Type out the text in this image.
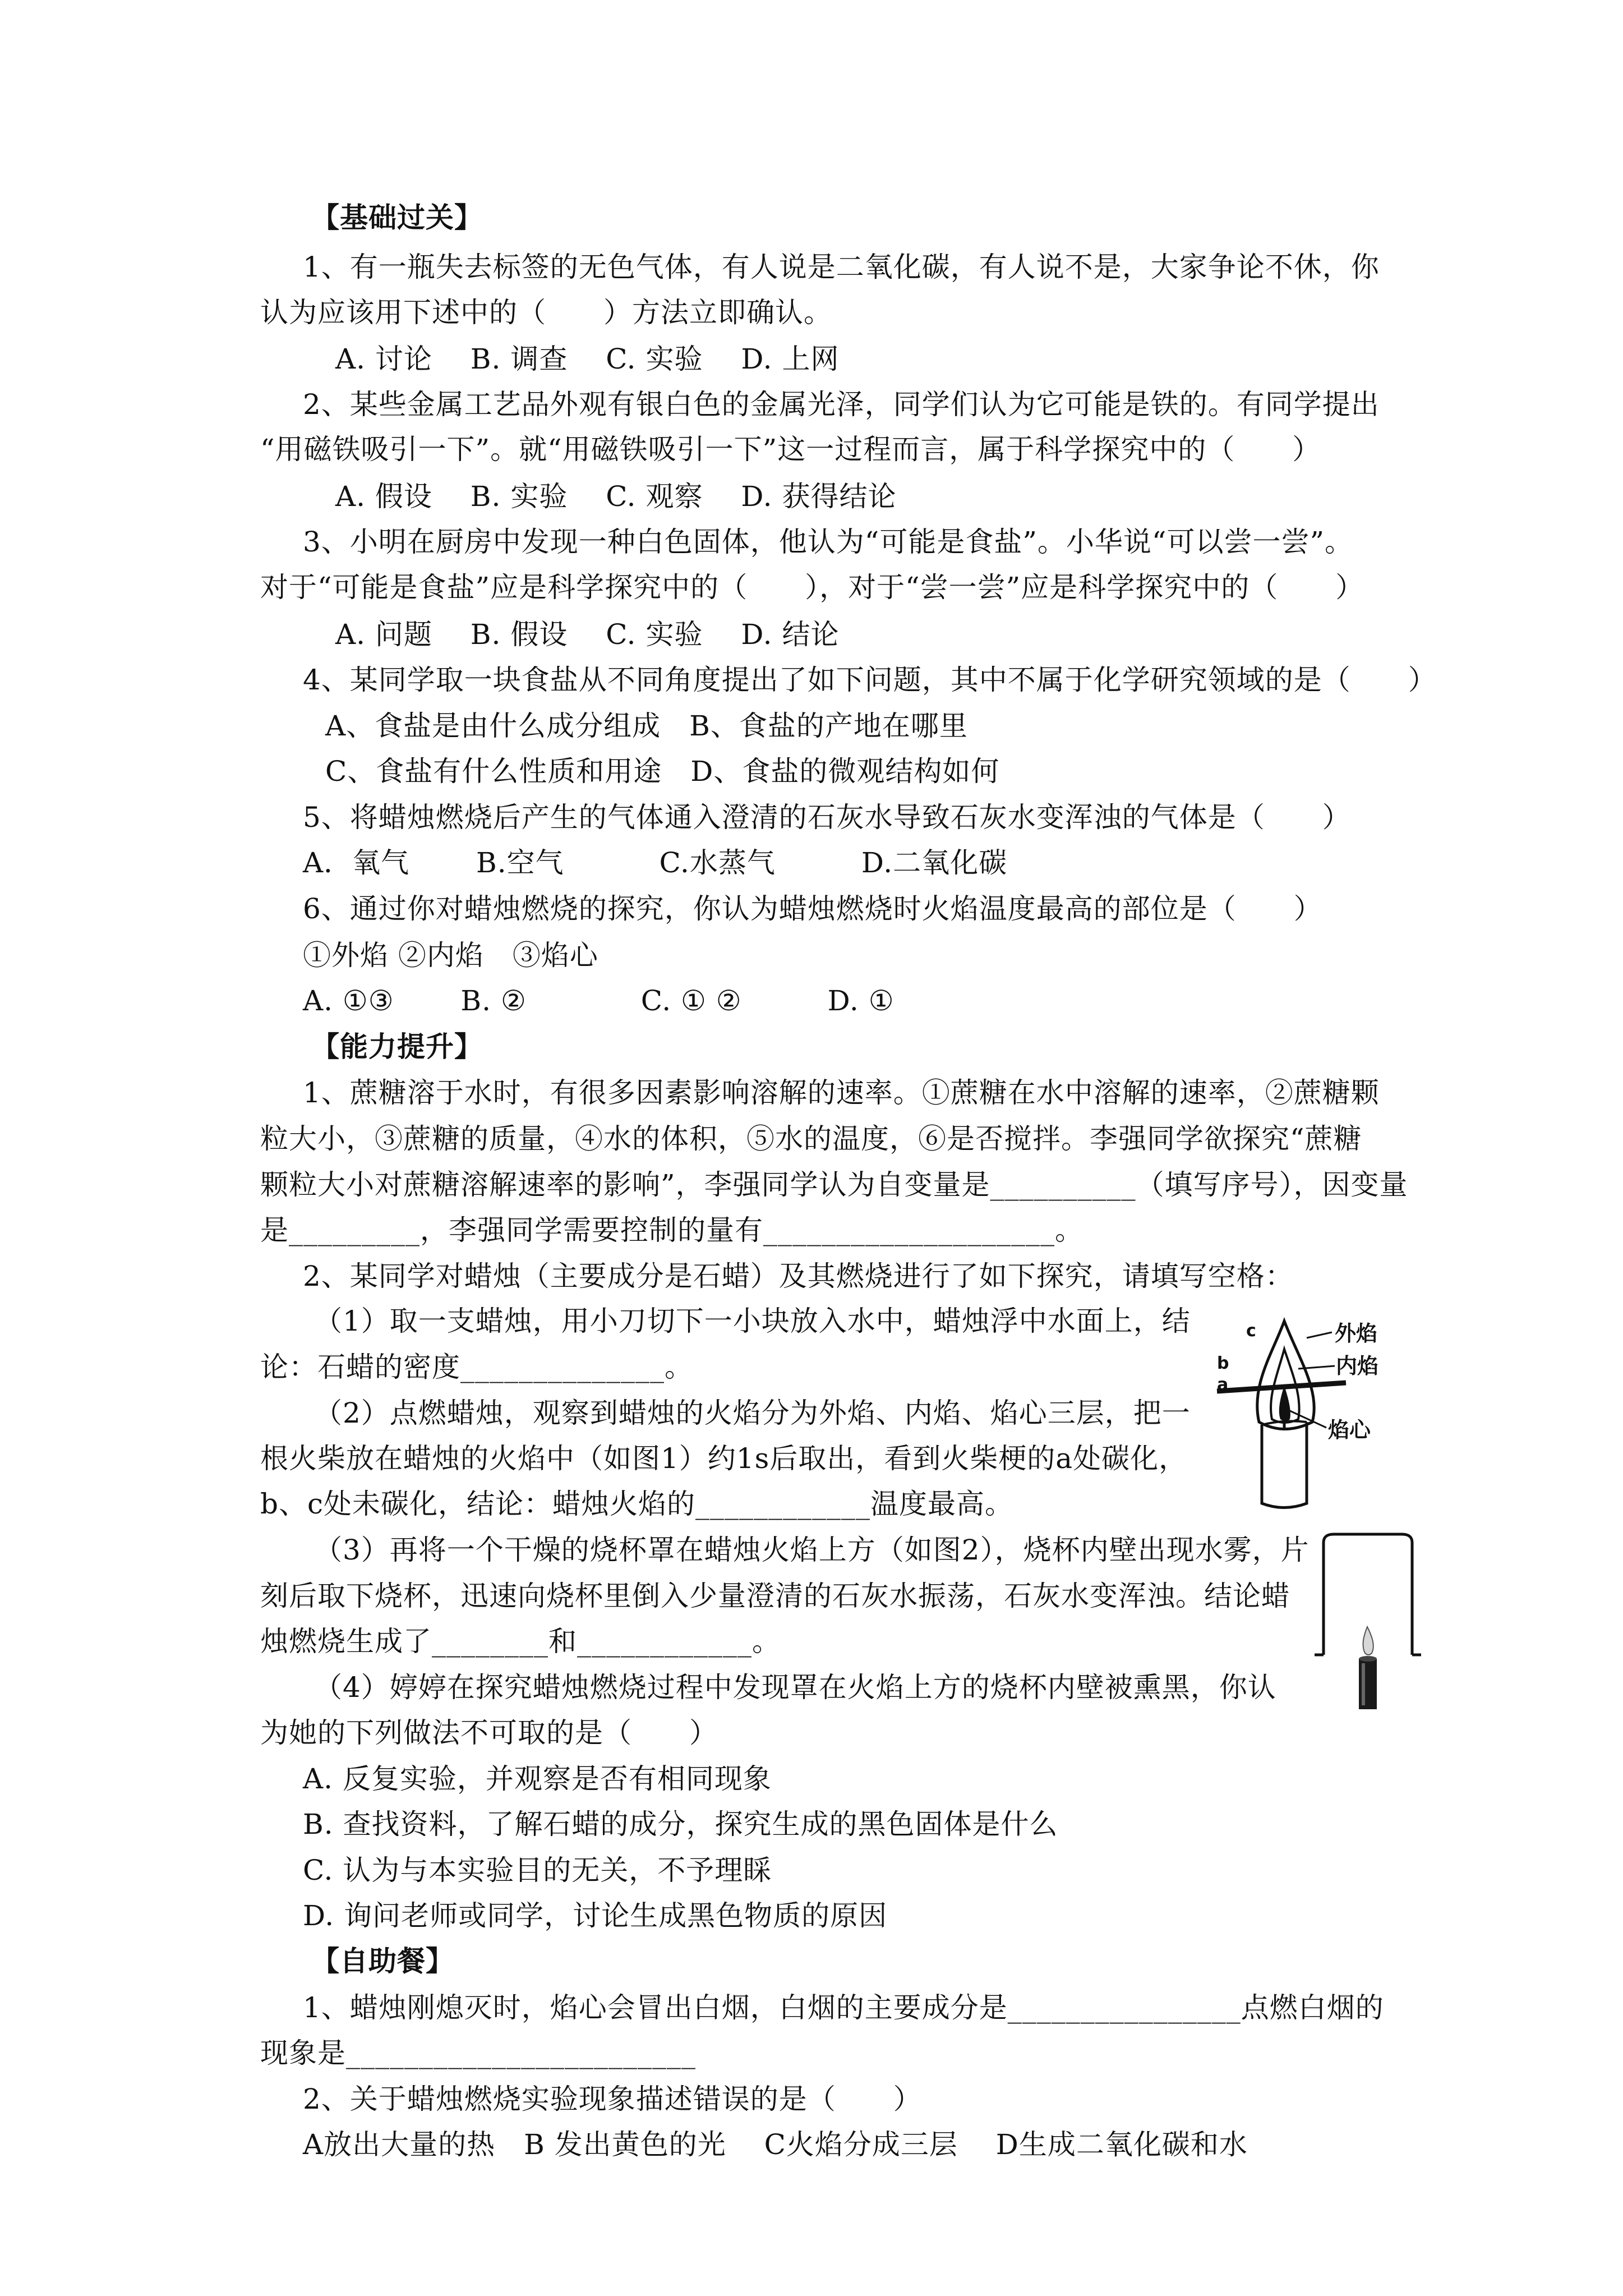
【基础过关】
1、有一瓶失去标签的无色气体，有人说是二氧化碳，有人说不是，大家争论不休，你
认为应该用下述中的（　　）方法立即确认。
A. 讨论　 B. 调查　 C. 实验　 D. 上网
2、某些金属工艺品外观有银白色的金属光泽，同学们认为它可能是铁的。有同学提出
“用磁铁吸引一下”。就“用磁铁吸引一下”这一过程而言，属于科学探究中的（　　）
A. 假设　 B. 实验　 C. 观察　 D. 获得结论
3、小明在厨房中发现一种白色固体，他认为“可能是食盐”。小华说“可以尝一尝”。
对于“可能是食盐”应是科学探究中的（　　），对于“尝一尝”应是科学探究中的（　　）
A. 问题　 B. 假设　 C. 实验　 D. 结论
4、某同学取一块食盐从不同角度提出了如下问题，其中不属于化学研究领域的是（　　）
A、食盐是由什么成分组成　B、食盐的产地在哪里
C、食盐有什么性质和用途　D、食盐的微观结构如何
5、将蜡烛燃烧后产生的气体通入澄清的石灰水导致石灰水变浑浊的气体是（　　）
A．氧气　　 B.空气　　　 C.水蒸气　　　D.二氧化碳
6、通过你对蜡烛燃烧的探究，你认为蜡烛燃烧时火焰温度最高的部位是（　　）
①外焰 ②内焰　③焰心
A. ①③　　 B. ②　　　　C. ① ②　　　D. ①
【能力提升】
1、蔗糖溶于水时，有很多因素影响溶解的速率。①蔗糖在水中溶解的速率，②蔗糖颗
粒大小，③蔗糖的质量，④水的体积，⑤水的温度，⑥是否搅拌。李强同学欲探究“蔗糖
颗粒大小对蔗糖溶解速率的影响”，李强同学认为自变量是__________（填写序号），因变量
是_________，李强同学需要控制的量有____________________。
2、某同学对蜡烛（主要成分是石蜡）及其燃烧进行了如下探究，请填写空格：
（1）取一支蜡烛，用小刀切下一小块放入水中，蜡烛浮中水面上，结
论：石蜡的密度______________。
（2）点燃蜡烛，观察到蜡烛的火焰分为外焰、内焰、焰心三层，把一
根火柴放在蜡烛的火焰中（如图1）约1s后取出，看到火柴梗的a处碳化，
b、c处未碳化，结论：蜡烛火焰的____________温度最高。
（3）再将一个干燥的烧杯罩在蜡烛火焰上方（如图2），烧杯内壁出现水雾，片
刻后取下烧杯，迅速向烧杯里倒入少量澄清的石灰水振荡，石灰水变浑浊。结论蜡
烛燃烧生成了________和____________。
（4）婷婷在探究蜡烛燃烧过程中发现罩在火焰上方的烧杯内壁被熏黑，你认
为她的下列做法不可取的是（　　）
A. 反复实验，并观察是否有相同现象
B. 查找资料，了解石蜡的成分，探究生成的黑色固体是什么
C. 认为与本实验目的无关，不予理睬
D. 询问老师或同学，讨论生成黑色物质的原因
【自助餐】
1、蜡烛刚熄灭时，焰心会冒出白烟，白烟的主要成分是________________点燃白烟的
现象是________________________
2、关于蜡烛燃烧实验现象描述错误的是（　　）
A放出大量的热　B 发出黄色的光　 C火焰分成三层　 D生成二氧化碳和水
外焰
内焰
焰心
c
b
a
